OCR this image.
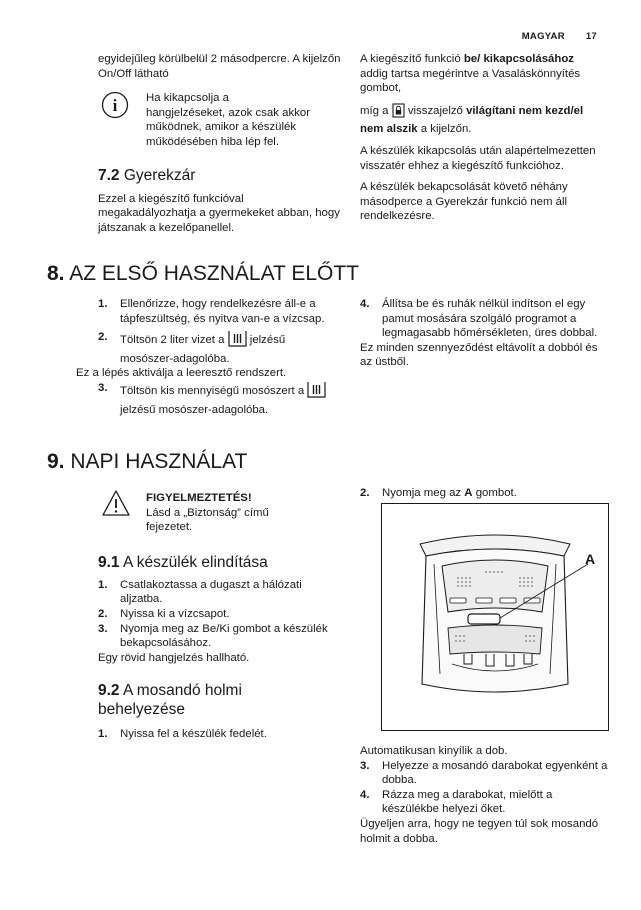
MAGYAR 17

egyidejűleg körülbelül 2 másodpercre. A kijelzőn On/Off látható

i	Ha kikapcsolja a hangjelzéseket, azok csak akkor működnek, amikor a készülék működésében hiba lép fel.
7.2 Gyerekzár

Ezzel a kiegészítő funkcióval megakadályozhatja a gyermekeket abban, hogy játszanak a kezelőpanellel.

A kiegészítő funkció be/ kikapcsolásához addig tartsa megérintve a Vasaláskönnyítés gombot,

míg a  visszajelző világítani nem kezd/el nem alszik a kijelzőn.

A készülék kikapcsolás után alapértelmezetten visszatér ehhez a kiegészítő funkcióhoz.

A készülék bekapcsolását követő néhány másodperce a Gyerekzár funkció nem áll rendelkezésre.

8. AZ ELSŐ HASZNÁLAT ELŐTT
1. Ellenőrizze, hogy rendelkezésre áll-e a tápfeszültség, és nyitva van-e a vízcsap.
2. Töltsön 2 liter vizet a  jelzésű mosószer-adagolóba.
Ez a lépés aktiválja a leeresztő rendszert.
3. Töltsön kis mennyiségű mosószert a  jelzésű mosószer-adagolóba.
4. Állítsa be és ruhák nélkül indítson el egy pamut mosására szolgáló programot a legmagasabb hőmérsékleten, üres dobbal.
Ez minden szennyeződést eltávolít a dobból és az üstből.
9. NAPI HASZNÁLAT
FIGYELMEZTETÉS!
Lásd a „Biztonság” című fejezetet.
9.1 A készülék elindítása
1. Csatlakoztassa a dugaszt a hálózati aljzatba.
2. Nyissa ki a vízcsapot.
3. Nyomja meg az Be/Ki gombot a készülék bekapcsolásához.
Egy rövid hangjelzés hallható.
9.2 A mosandó holmi behelyezése
1. Nyissa fel a készülék fedelét.
2. Nyomja meg az A gombot.
A
Automatikusan kinyílik a dob.
3. Helyezze a mosandó darabokat egyenként a dobba.
4. Rázza meg a darabokat, mielőtt a készülékbe helyezi őket.
Ügyeljen arra, hogy ne tegyen túl sok mosandó holmit a dobba.
